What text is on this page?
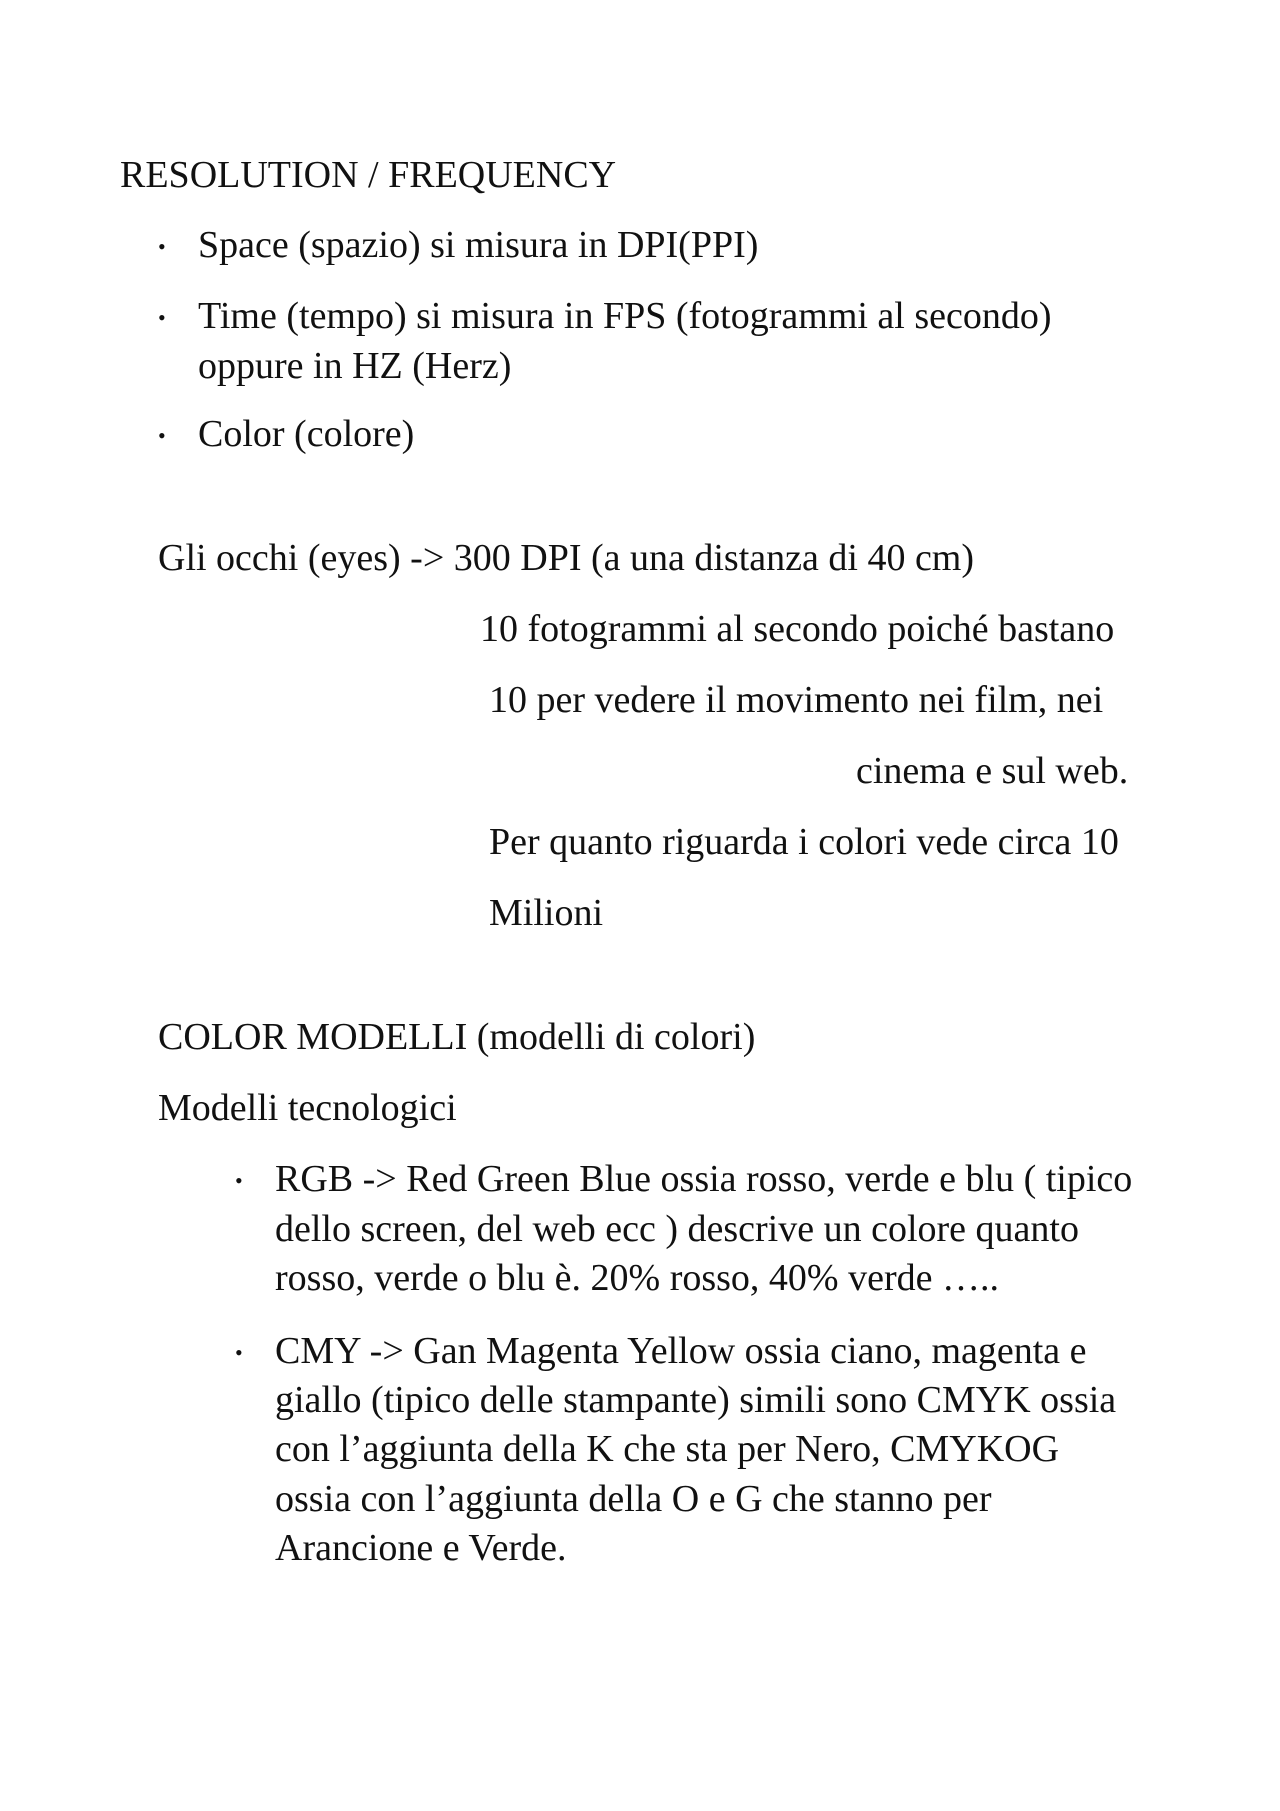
RESOLUTION / FREQUENCY
• Space (spazio) si misura in DPI(PPI)
• Time (tempo) si misura in FPS (fotogrammi al secondo)
oppure in HZ (Herz)
• Color (colore)
Gli occhi (eyes) -> 300 DPI (a una distanza di 40 cm)
10 fotogrammi al secondo poiché bastano
10 per vedere il movimento nei film, nei
cinema e sul web.
Per quanto riguarda i colori vede circa 10
Milioni
COLOR MODELLI (modelli di colori)
Modelli tecnologici
• RGB -> Red Green Blue ossia rosso, verde e blu ( tipico
dello screen, del web ecc ) descrive un colore quanto
rosso, verde o blu è. 20% rosso, 40% verde …..
• CMY -> Gan Magenta Yellow ossia ciano, magenta e
giallo (tipico delle stampante) simili sono CMYK ossia
con l’aggiunta della K che sta per Nero, CMYKOG
ossia con l’aggiunta della O e G che stanno per
Arancione e Verde.
